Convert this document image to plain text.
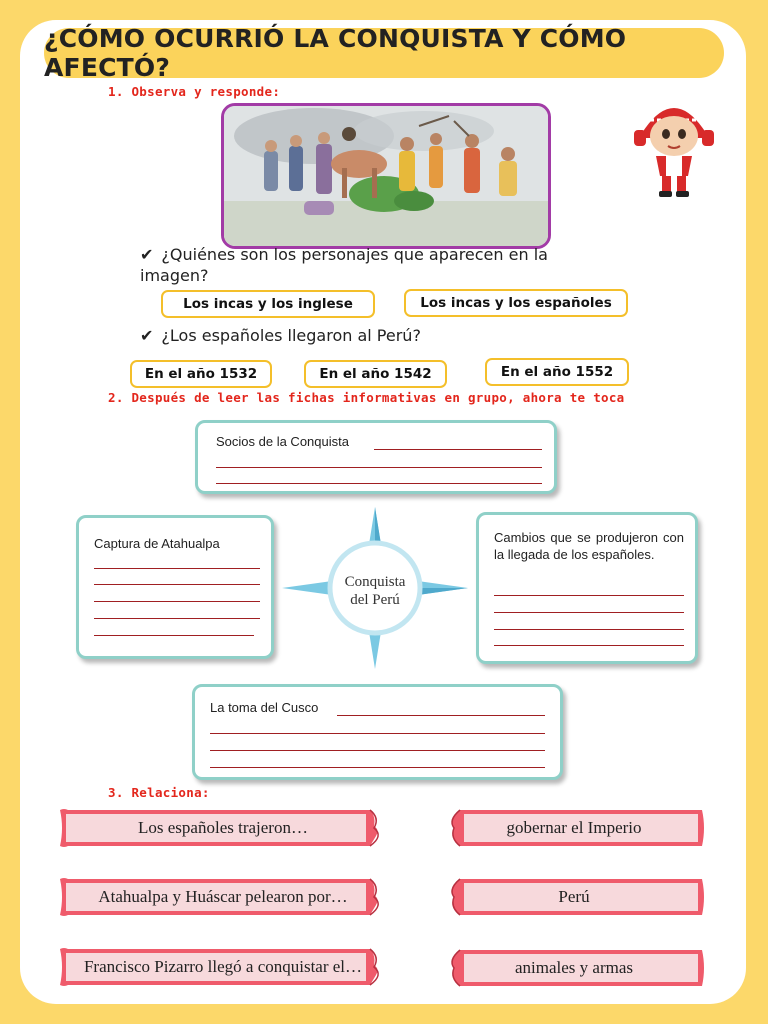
¿CÓMO OCURRIÓ LA CONQUISTA Y CÓMO AFECTÓ?
1. Observa y responde:
✔ ¿Quiénes son los personajes que aparecen en la imagen?
Los incas y los inglese	Los incas y los españoles
✔ ¿Los españoles llegaron al Perú?
En el año 1532	En el año 1542	En el año 1552
2. Después de leer las fichas informativas en grupo, ahora te toca
Socios de la Conquista
Captura de Atahualpa	Cambios que se produjeron con la llegada de los españoles.
Conquista del Perú
La toma del Cusco
3. Relaciona:
Los españoles trajeron…
Atahualpa y Huáscar pelearon por…
Francisco Pizarro llegó a conquistar el…
gobernar el Imperio
Perú
animales y armas
